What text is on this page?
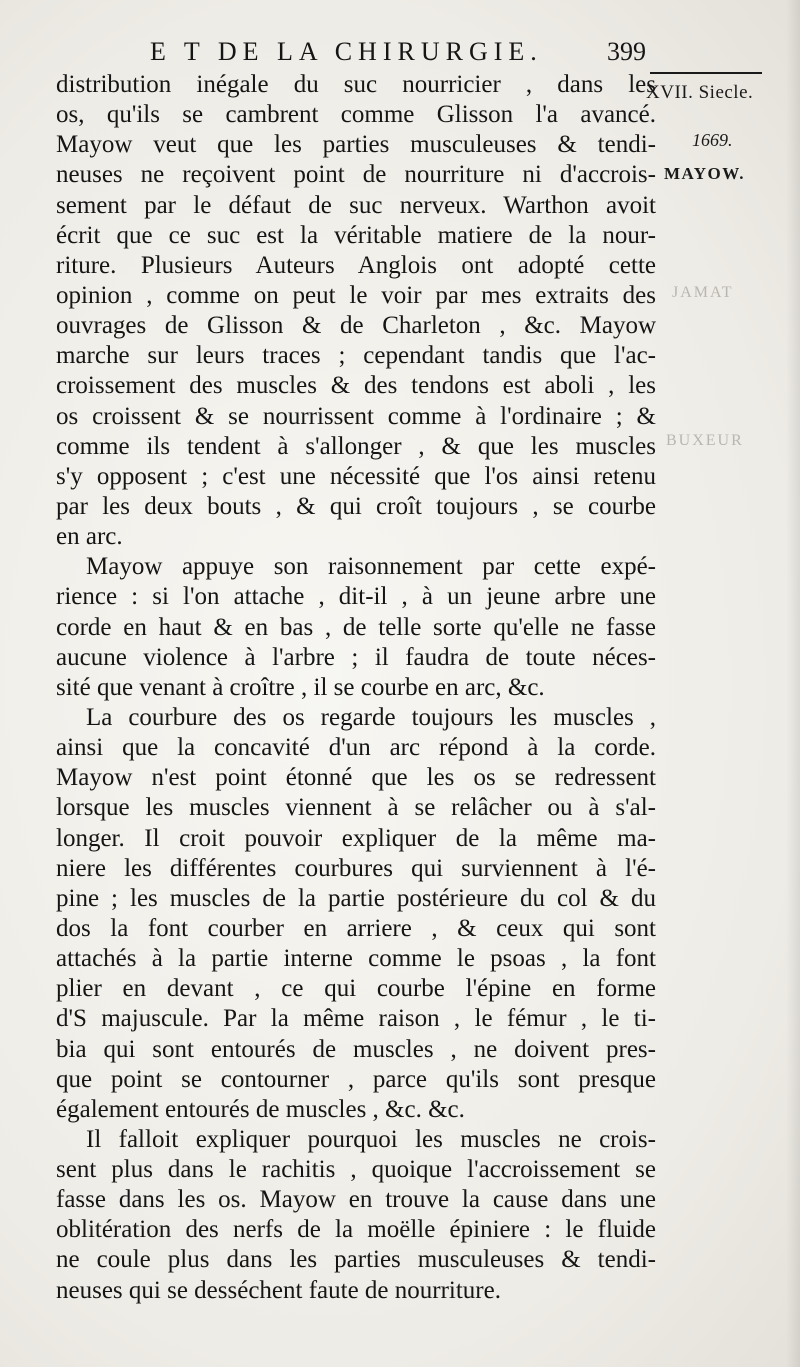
E T DE LA CHIRURGIE. 399
XVII. Siecle.
1669.
MAYOW.
JAMAT
BUXEUR
distribution inégale du suc nourricier , dans les
os, qu'ils se cambrent comme Glisson l'a avancé.
Mayow veut que les parties musculeuses & tendi-
neuses ne reçoivent point de nourriture ni d'accrois-
sement par le défaut de suc nerveux. Warthon avoit
écrit que ce suc est la véritable matiere de la nour-
riture. Plusieurs Auteurs Anglois ont adopté cette
opinion , comme on peut le voir par mes extraits des
ouvrages de Glisson & de Charleton , &c. Mayow
marche sur leurs traces ; cependant tandis que l'ac-
croissement des muscles & des tendons est aboli , les
os croissent & se nourrissent comme à l'ordinaire ; &
comme ils tendent à s'allonger , & que les muscles
s'y opposent ; c'est une nécessité que l'os ainsi retenu
par les deux bouts , & qui croît toujours , se courbe
en arc.
Mayow appuye son raisonnement par cette expé-
rience : si l'on attache , dit-il , à un jeune arbre une
corde en haut & en bas , de telle sorte qu'elle ne fasse
aucune violence à l'arbre ; il faudra de toute néces-
sité que venant à croître , il se courbe en arc, &c.
La courbure des os regarde toujours les muscles ,
ainsi que la concavité d'un arc répond à la corde.
Mayow n'est point étonné que les os se redressent
lorsque les muscles viennent à se relâcher ou à s'al-
longer. Il croit pouvoir expliquer de la même ma-
niere les différentes courbures qui surviennent à l'é-
pine ; les muscles de la partie postérieure du col & du
dos la font courber en arriere , & ceux qui sont
attachés à la partie interne comme le psoas , la font
plier en devant , ce qui courbe l'épine en forme
d'S majuscule. Par la même raison , le fémur , le ti-
bia qui sont entourés de muscles , ne doivent pres-
que point se contourner , parce qu'ils sont presque
également entourés de muscles , &c. &c.
Il falloit expliquer pourquoi les muscles ne crois-
sent plus dans le rachitis , quoique l'accroissement se
fasse dans les os. Mayow en trouve la cause dans une
oblitération des nerfs de la moëlle épiniere : le fluide
ne coule plus dans les parties musculeuses & tendi-
neuses qui se desséchent faute de nourriture.
